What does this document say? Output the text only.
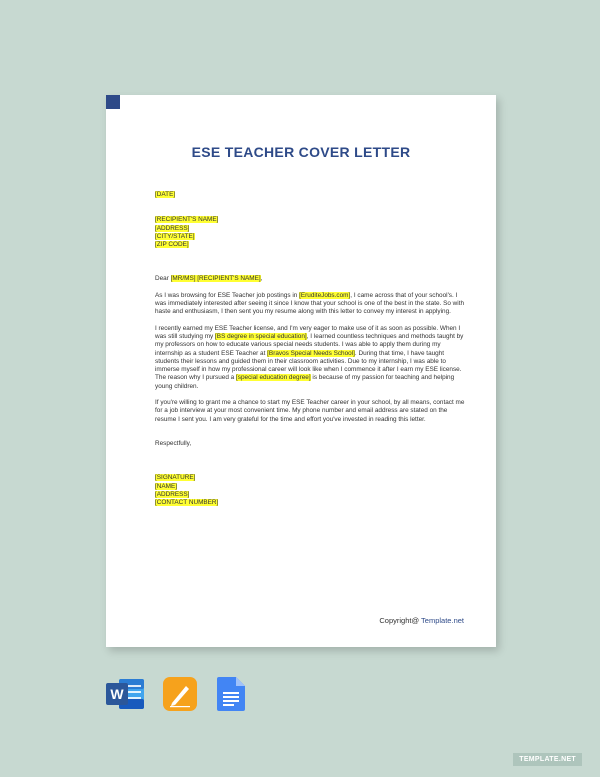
ESE TEACHER COVER LETTER

[DATE]

[RECIPIENT'S NAME]

[ADDRESS]

[CITY/STATE]

[ZIP CODE]

Dear [MR/MS] [RECIPIENT'S NAME],

As I was browsing for ESE Teacher job postings in [EruditeJobs.com], I came across that of your school's. I was immediately interested after seeing it since I know that your school is one of the best in the state. So with haste and enthusiasm, I then sent you my resume along with this letter to convey my interest in applying.

I recently earned my ESE Teacher license, and I'm very eager to make use of it as soon as possible. When I was still studying my [BS degree in special education], I learned countless techniques and methods taught by my professors on how to educate various special needs students. I was able to apply them during my internship as a student ESE Teacher at [Bravos Special Needs School]. During that time, I have taught students their lessons and guided them in their classroom activities. Due to my internship, I was able to immerse myself in how my professional career will look like when I commence it after I earn my ESE license. The reason why I pursued a [special education degree] is because of my passion for teaching and helping young children.

If you're willing to grant me a chance to start my ESE Teacher career in your school, by all means, contact me for a job interview at your most convenient time. My phone number and email address are stated on the resume I sent you. I am very grateful for the time and effort you've invested in reading this letter.

Respectfully,

[SIGNATURE]

[NAME]

[ADDRESS]

[CONTACT NUMBER]

Copyright@ Template.net
W
TEMPLATE.NET
